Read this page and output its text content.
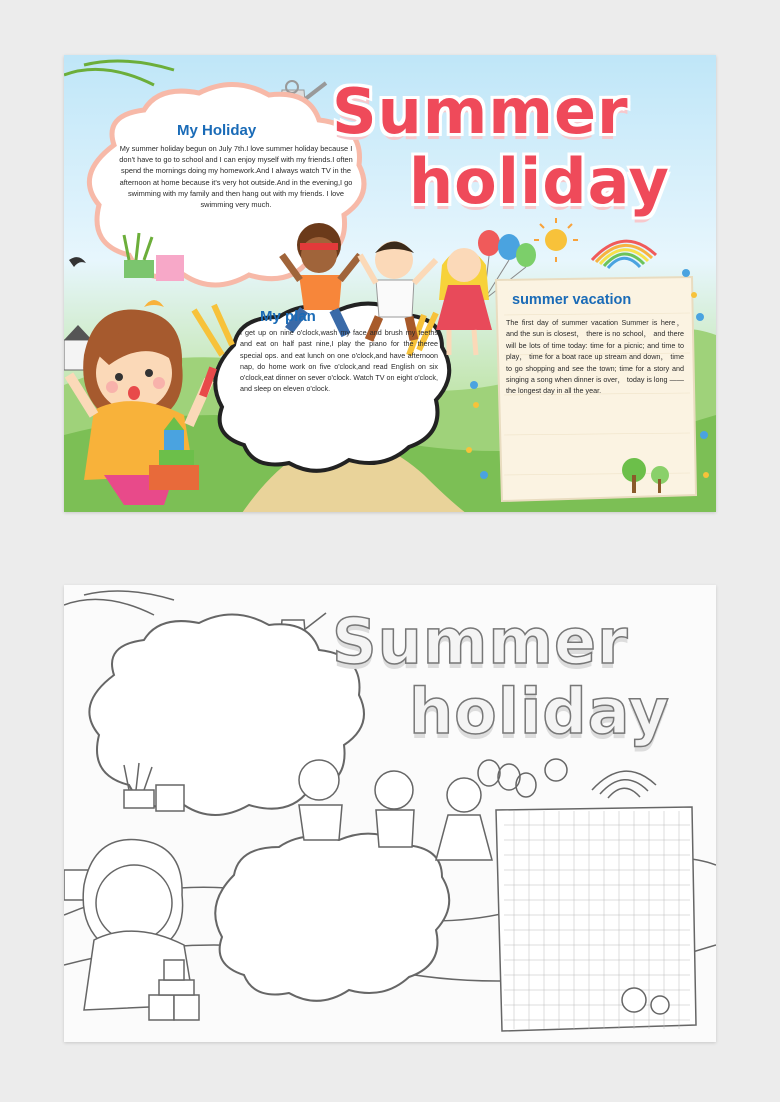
Summer
holiday
My Holiday
My summer holiday begun on July 7th.I love summer holiday because I don't have to go to school and I can enjoy myself with my friends.I often spend the mornings doing my homework.And I always watch TV in the afternoon at home because it's very hot outside.And in the evening,I go swimming with my family and then hang out with my friends. I love swimming very much.
My plan
I get up on nine o'clock,wash my face and brush my teeths and eat on half past nine,I play the piano for the theree special ops. and eat lunch on one o'clock,and have afternoon nap, do home work on five o'clock,and read English on six o'clock,eat dinner on sever o'clock. Watch TV on eight o'clock, and sleep on eleven o'clock.
summer vacation
The first day of summer vacation Summer is here， and the sun is closest， there is no school， and there will be lots of time today: time for a picnic; and time to play， time for a boat race up stream and down， time to go shopping and see the town; time for a story and singing a song when dinner is over， today is long ——the longest day in all the year.
Summer
holiday
